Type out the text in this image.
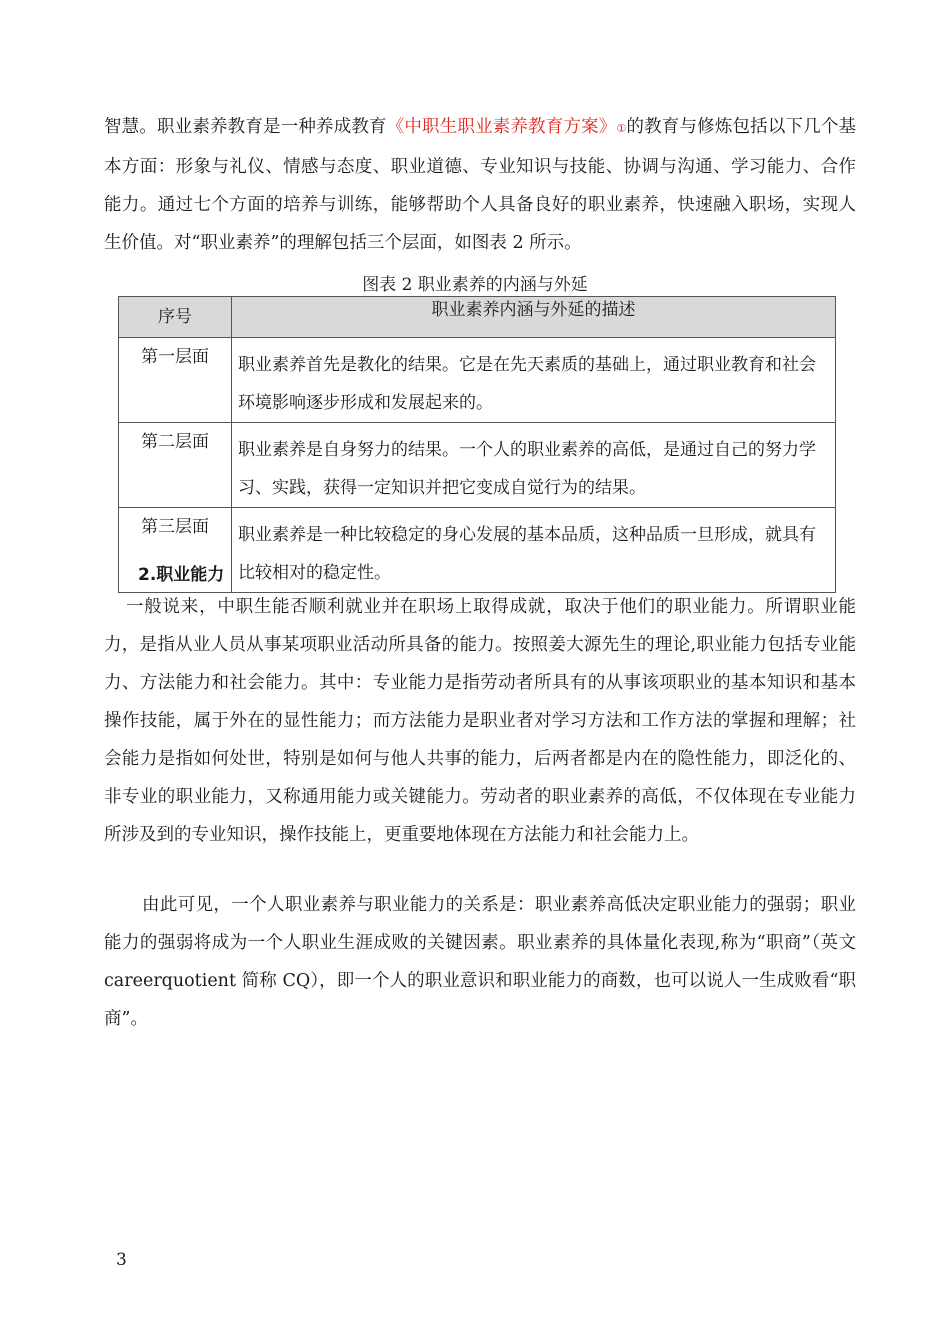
智慧。职业素养教育是一种养成教育《中职生职业素养教育方案》①的教育与修炼包括以下几个基本方面：形象与礼仪、情感与态度、职业道德、专业知识与技能、协调与沟通、学习能力、合作能力。通过七个方面的培养与训练，能够帮助个人具备良好的职业素养，快速融入职场，实现人生价值。对“职业素养”的理解包括三个层面，如图表 2 所示。

图表 2 职业素养的内涵与外延

序号	职业素养内涵与外延的描述
第一层面	职业素养首先是教化的结果。它是在先天素质的基础上，通过职业教育和社会环境影响逐步形成和发展起来的。
第二层面	职业素养是自身努力的结果。一个人的职业素养的高低，是通过自己的努力学习、实践，获得一定知识并把它变成自觉行为的结果。
第三层面	职业素养是一种比较稳定的身心发展的基本品质，这种品质一旦形成，就具有比较相对的稳定性。

2.职业能力

一般说来，中职生能否顺利就业并在职场上取得成就，取决于他们的职业能力。所谓职业能力，是指从业人员从事某项职业活动所具备的能力。按照姜大源先生的理论,职业能力包括专业能力、方法能力和社会能力。其中：专业能力是指劳动者所具有的从事该项职业的基本知识和基本操作技能，属于外在的显性能力；而方法能力是职业者对学习方法和工作方法的掌握和理解；社会能力是指如何处世，特别是如何与他人共事的能力，后两者都是内在的隐性能力，即泛化的、非专业的职业能力，又称通用能力或关键能力。劳动者的职业素养的高低，不仅体现在专业能力所涉及到的专业知识，操作技能上，更重要地体现在方法能力和社会能力上。

由此可见，一个人职业素养与职业能力的关系是：职业素养高低决定职业能力的强弱；职业能力的强弱将成为一个人职业生涯成败的关键因素。职业素养的具体量化表现,称为“职商”（英文 careerquotient 简称 CQ），即一个人的职业意识和职业能力的商数，也可以说人一生成败看“职商”。

3
